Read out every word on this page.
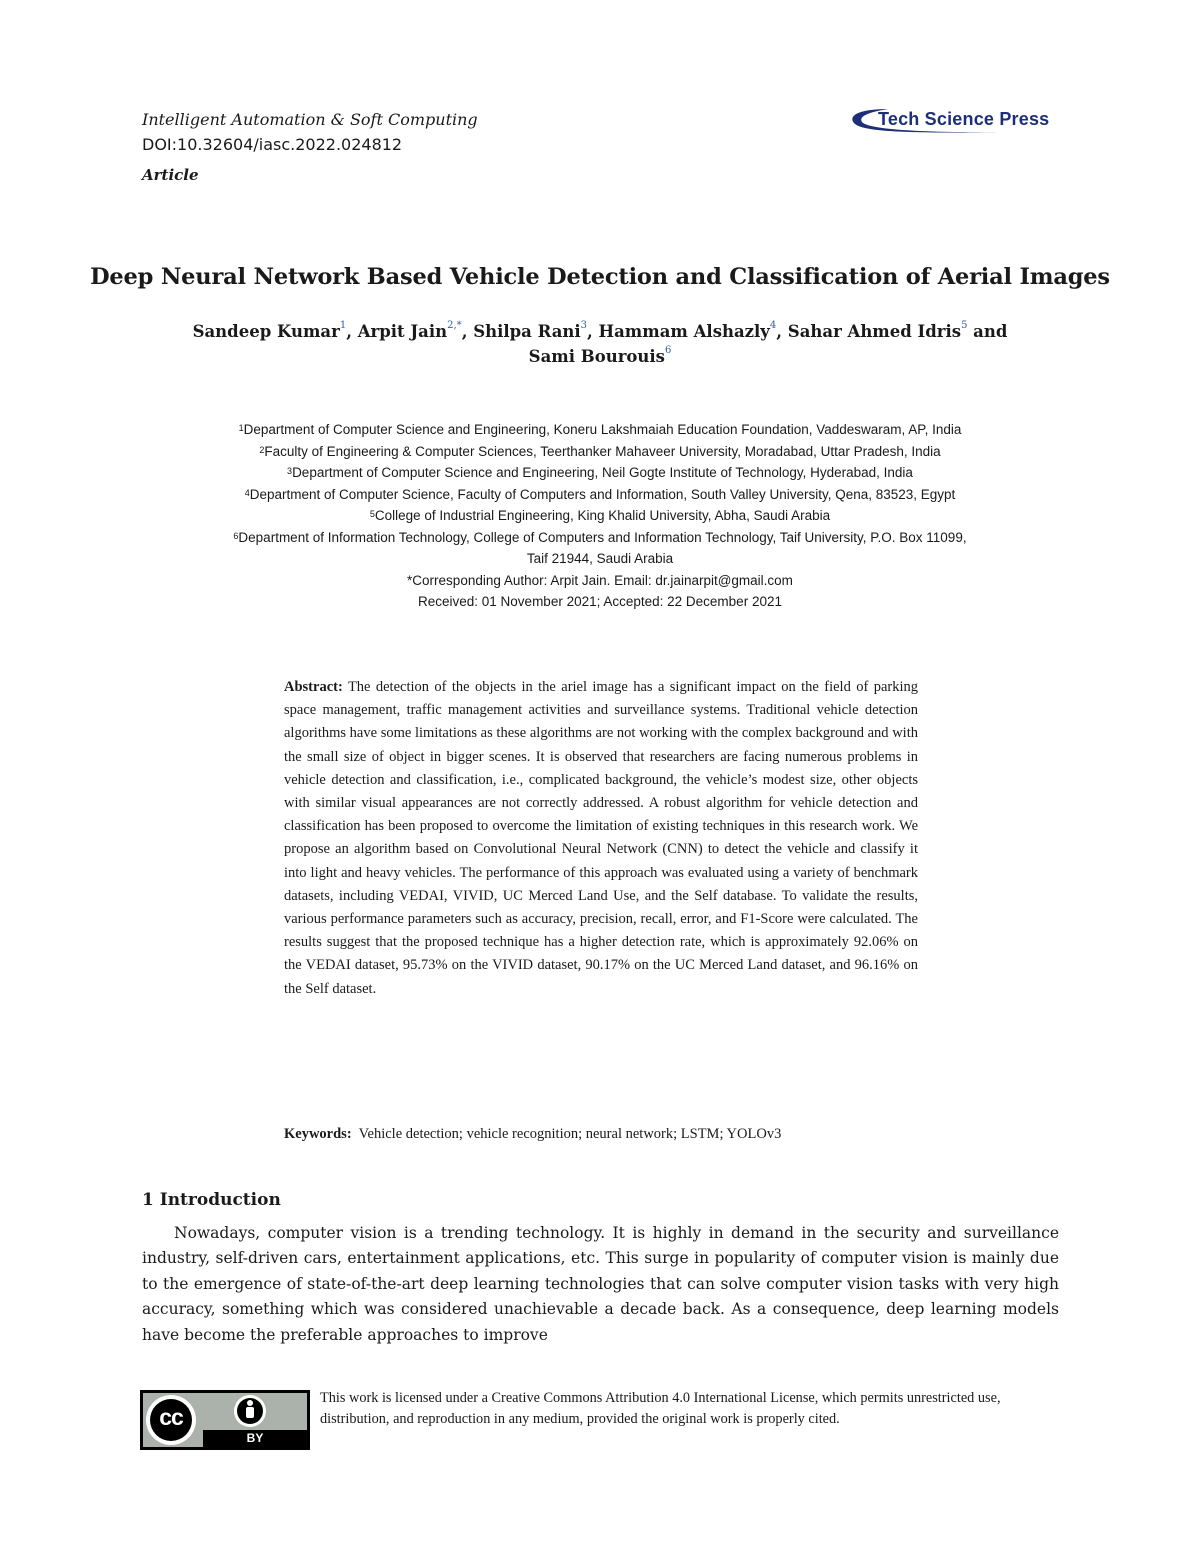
Intelligent Automation & Soft Computing
DOI:10.32604/iasc.2022.024812
Article
Tech Science Press
Deep Neural Network Based Vehicle Detection and Classification of Aerial Images
Sandeep Kumar$^1$, Arpit Jain$^{2,*}$, Shilpa Rani$^3$, Hammam Alshazly$^4$, Sahar Ahmed Idris$^5$ and
Sami Bourouis$^6$
$^1$Department of Computer Science and Engineering, Koneru Lakshmaiah Education Foundation, Vaddeswaram, AP, India
$^2$Faculty of Engineering & Computer Sciences, Teerthanker Mahaveer University, Moradabad, Uttar Pradesh, India
$^3$Department of Computer Science and Engineering, Neil Gogte Institute of Technology, Hyderabad, India
$^4$Department of Computer Science, Faculty of Computers and Information, South Valley University, Qena, 83523, Egypt
$^5$College of Industrial Engineering, King Khalid University, Abha, Saudi Arabia
$^6$Department of Information Technology, College of Computers and Information Technology, Taif University, P.O. Box 11099,
Taif 21944, Saudi Arabia
*Corresponding Author: Arpit Jain. Email: dr.jainarpit@gmail.com
Received: 01 November 2021; Accepted: 22 December 2021
Abstract: The detection of the objects in the ariel image has a significant impact on the field of parking space management, traffic management activities and surveillance systems. Traditional vehicle detection algorithms have some limitations as these algorithms are not working with the complex background and with the small size of object in bigger scenes. It is observed that researchers are facing numerous problems in vehicle detection and classification, i.e., complicated background, the vehicle’s modest size, other objects with similar visual appearances are not correctly addressed. A robust algorithm for vehicle detection and classification has been proposed to overcome the limitation of existing techniques in this research work. We propose an algorithm based on Convolutional Neural Network (CNN) to detect the vehicle and classify it into light and heavy vehicles. The performance of this approach was evaluated using a variety of benchmark datasets, including VEDAI, VIVID, UC Merced Land Use, and the Self database. To validate the results, various performance parameters such as accuracy, precision, recall, error, and F1-Score were calculated. The results suggest that the proposed technique has a higher detection rate, which is approximately 92.06% on the VEDAI dataset, 95.73% on the VIVID dataset, 90.17% on the UC Merced Land dataset, and 96.16% on the Self dataset.
Keywords: Vehicle detection; vehicle recognition; neural network; LSTM; YOLOv3
1 Introduction
Nowadays, computer vision is a trending technology. It is highly in demand in the security and surveillance industry, self-driven cars, entertainment applications, etc. This surge in popularity of computer vision is mainly due to the emergence of state-of-the-art deep learning technologies that can solve computer vision tasks with very high accuracy, something which was considered unachievable a decade back. As a consequence, deep learning models have become the preferable approaches to improve
cc
BY
This work is licensed under a Creative Commons Attribution 4.0 International License, which permits unrestricted use, distribution, and reproduction in any medium, provided the original work is properly cited.
